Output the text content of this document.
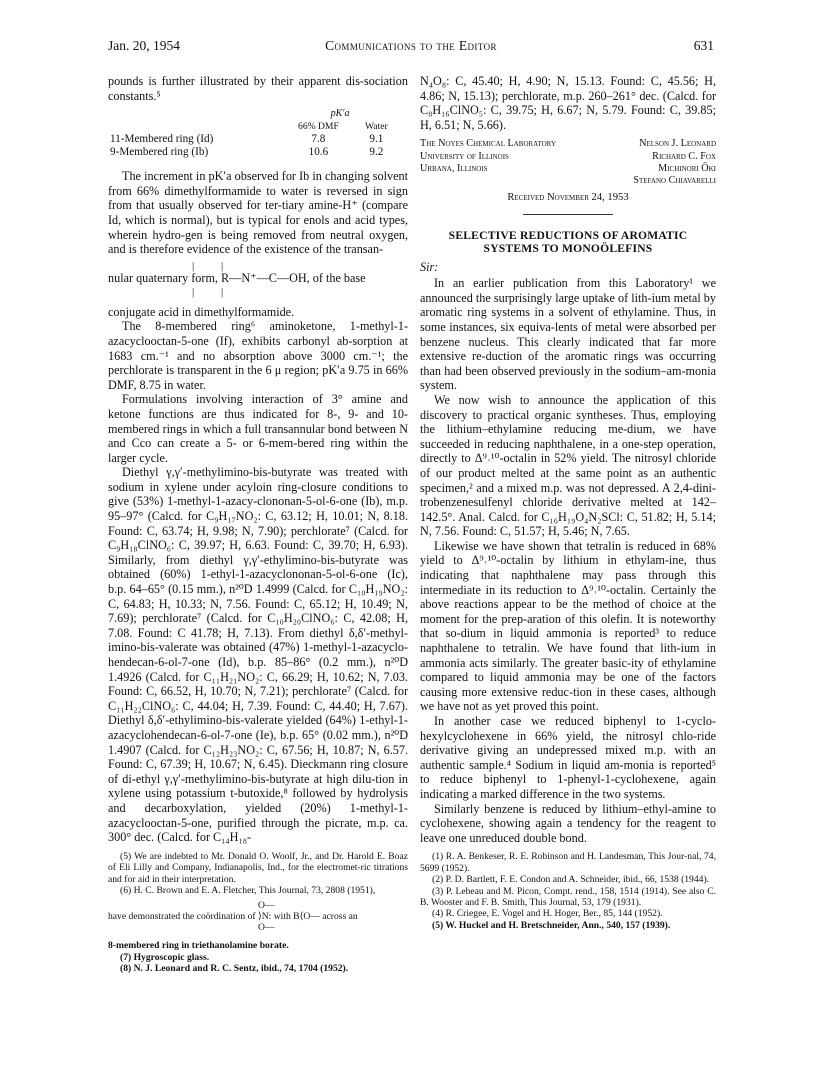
Jan. 20, 1954	Communications to the Editor	631

pounds is further illustrated by their apparent dis-sociation constants.⁵

	pK′a	
	66% DMF	Water
11-Membered ring (Id)	7.8	9.1
9-Membered ring (Ib)	10.6	9.2

The increment in pK′a observed for Ib in changing solvent from 66% dimethylformamide to water is reversed in sign from that usually observed for ter-tiary amine-H⁺ (compare Id, which is normal), but is typical for enols and acid types, wherein hydro-gen is being removed from neutral oxygen, and is therefore evidence of the existence of the transan-

| |
nular quaternary form, R—N⁺—C—OH, of the base
| |

conjugate acid in dimethylformamide.

The 8-membered ring⁶ aminoketone, 1-methyl-1-azacyclooctan-5-one (If), exhibits carbonyl ab-sorption at 1683 cm.⁻¹ and no absorption above 3000 cm.⁻¹; the perchlorate is transparent in the 6 μ region; pK′a 9.75 in 66% DMF, 8.75 in water.

Formulations involving interaction of 3° amine and ketone functions are thus indicated for 8-, 9- and 10-membered rings in which a full transannular bond between N and Cco can create a 5- or 6-mem-bered ring within the larger cycle.

Diethyl γ,γ′-methylimino-bis-butyrate was treated with sodium in xylene under acyloin ring-closure conditions to give (53%) 1-methyl-1-azacy-clononan-5-ol-6-one (Ib), m.p. 95–97° (Calcd. for C₉H₁₇NO₂: C, 63.12; H, 10.01; N, 8.18. Found: C, 63.74; H, 9.98; N, 7.90); perchlorate⁷ (Calcd. for C₉H₁₈ClNO₆: C, 39.97; H, 6.63. Found: C, 39.70; H, 6.93). Similarly, from diethyl γ,γ′-ethylimino-bis-butyrate was obtained (60%) 1-ethyl-1-azacyclononan-5-ol-6-one (Ic), b.p. 64–65° (0.15 mm.), n²⁰D 1.4999 (Calcd. for C₁₀H₁₉NO₂: C, 64.83; H, 10.33; N, 7.56. Found: C, 65.12; H, 10.49; N, 7.69); perchlorate⁷ (Calcd. for C₁₀H₂₀ClNO₆: C, 42.08; H, 7.08. Found: C 41.78; H, 7.13). From diethyl δ,δ′-methyl-imino-bis-valerate was obtained (47%) 1-methyl-1-azacyclo-hendecan-6-ol-7-one (Id), b.p. 85–86° (0.2 mm.), n²⁰D 1.4926 (Calcd. for C₁₁H₂₁NO₂: C, 66.29; H, 10.62; N, 7.03. Found: C, 66.52, H, 10.70; N, 7.21); perchlorate⁷ (Calcd. for C₁₁H₂₂ClNO₆: C, 44.04; H, 7.39. Found: C, 44.40; H, 7.67). Diethyl δ,δ′-ethylimino-bis-valerate yielded (64%) 1-ethyl-1-azacyclohendecan-6-ol-7-one (Ie), b.p. 65° (0.02 mm.), n²⁰D 1.4907 (Calcd. for C₁₂H₂₃NO₂: C, 67.56; H, 10.87; N, 6.57. Found: C, 67.39; H, 10.67; N, 6.45). Dieckmann ring closure of di-ethyl γ,γ′-methylimino-bis-butyrate at high dilu-tion in xylene using potassium t-butoxide,⁸ followed by hydrolysis and decarboxylation, yielded (20%) 1-methyl-1-azacyclooctan-5-one, purified through the picrate, m.p. ca. 300° dec. (Calcd. for C₁₄H₁₈-

(5) We are indebted to Mr. Donald O. Woolf, Jr., and Dr. Harold E. Boaz of Eli Lilly and Company, Indianapolis, Ind., for the electromet-ric titrations and for aid in their interpretation.

(6) H. C. Brown and E. A. Fletcher, This Journal, 73, 2808 (1951),

O—
have demonstrated the coördination of ⟩N: with B⟨O— across an
O—

8-membered ring in triethanolamine borate.

(7) Hygroscopic glass.

(8) N. J. Leonard and R. C. Sentz, ibid., 74, 1704 (1952).

N₄O₈: C, 45.40; H, 4.90; N, 15.13. Found: C, 45.56; H, 4.86; N, 15.13); perchlorate, m.p. 260–261° dec. (Calcd. for C₈H₁₆ClNO₅: C, 39.75; H, 6.67; N, 5.79. Found: C, 39.85; H, 6.51; N, 5.66).

The Noyes Chemical Laboratory	Nelson J. Leonard
University of Illinois	Richard C. Fox
Urbana, Illinois	Michinori Ōki
Stefano Chiavarelli
Received November 24, 1953
SELECTIVE REDUCTIONS OF AROMATIC SYSTEMS TO MONOÖLEFINS
Sir:

In an earlier publication from this Laboratory¹ we announced the surprisingly large uptake of lith-ium metal by aromatic ring systems in a solvent of ethylamine. Thus, in some instances, six equiva-lents of metal were absorbed per benzene nucleus. This clearly indicated that far more extensive re-duction of the aromatic rings was occurring than had been observed previously in the sodium–am-monia system.

We now wish to announce the application of this discovery to practical organic syntheses. Thus, employing the lithium–ethylamine reducing me-dium, we have succeeded in reducing naphthalene, in a one-step operation, directly to Δ⁹˒¹⁰-octalin in 52% yield. The nitrosyl chloride of our product melted at the same point as an authentic specimen,² and a mixed m.p. was not depressed. A 2,4-dini-trobenzenesulfenyl chloride derivative melted at 142–142.5°. Anal. Calcd. for C₁₆H₁₉O₄N₂SCl: C, 51.82; H, 5.14; N, 7.56. Found: C, 51.57; H, 5.46; N, 7.65.

Likewise we have shown that tetralin is reduced in 68% yield to Δ⁹˒¹⁰-octalin by lithium in ethylam-ine, thus indicating that naphthalene may pass through this intermediate in its reduction to Δ⁹˒¹⁰-octalin. Certainly the above reactions appear to be the method of choice at the moment for the prep-aration of this olefin. It is noteworthy that so-dium in liquid ammonia is reported³ to reduce naphthalene to tetralin. We have found that lith-ium in ammonia acts similarly. The greater basic-ity of ethylamine compared to liquid ammonia may be one of the factors causing more extensive reduc-tion in these cases, although we have not as yet proved this point.

In another case we reduced biphenyl to 1-cyclo-hexylcyclohexene in 66% yield, the nitrosyl chlo-ride derivative giving an undepressed mixed m.p. with an authentic sample.⁴ Sodium in liquid am-monia is reported⁵ to reduce biphenyl to 1-phenyl-1-cyclohexene, again indicating a marked difference in the two systems.

Similarly benzene is reduced by lithium–ethyl-amine to cyclohexene, showing again a tendency for the reagent to leave one unreduced double bond.

(1) R. A. Benkeser, R. E. Robinson and H. Landesman, This Jour-nal, 74, 5699 (1952).

(2) P. D. Bartlett, F. E. Condon and A. Schneider, ibid., 66, 1538 (1944).

(3) P. Lebeau and M. Picon, Compt. rend., 158, 1514 (1914). See also C. B. Wooster and F. B. Smith, This Journal, 53, 179 (1931).

(4) R. Criegee, E. Vogel and H. Hoger, Ber., 85, 144 (1952).

(5) W. Huckel and H. Bretschneider, Ann., 540, 157 (1939).
